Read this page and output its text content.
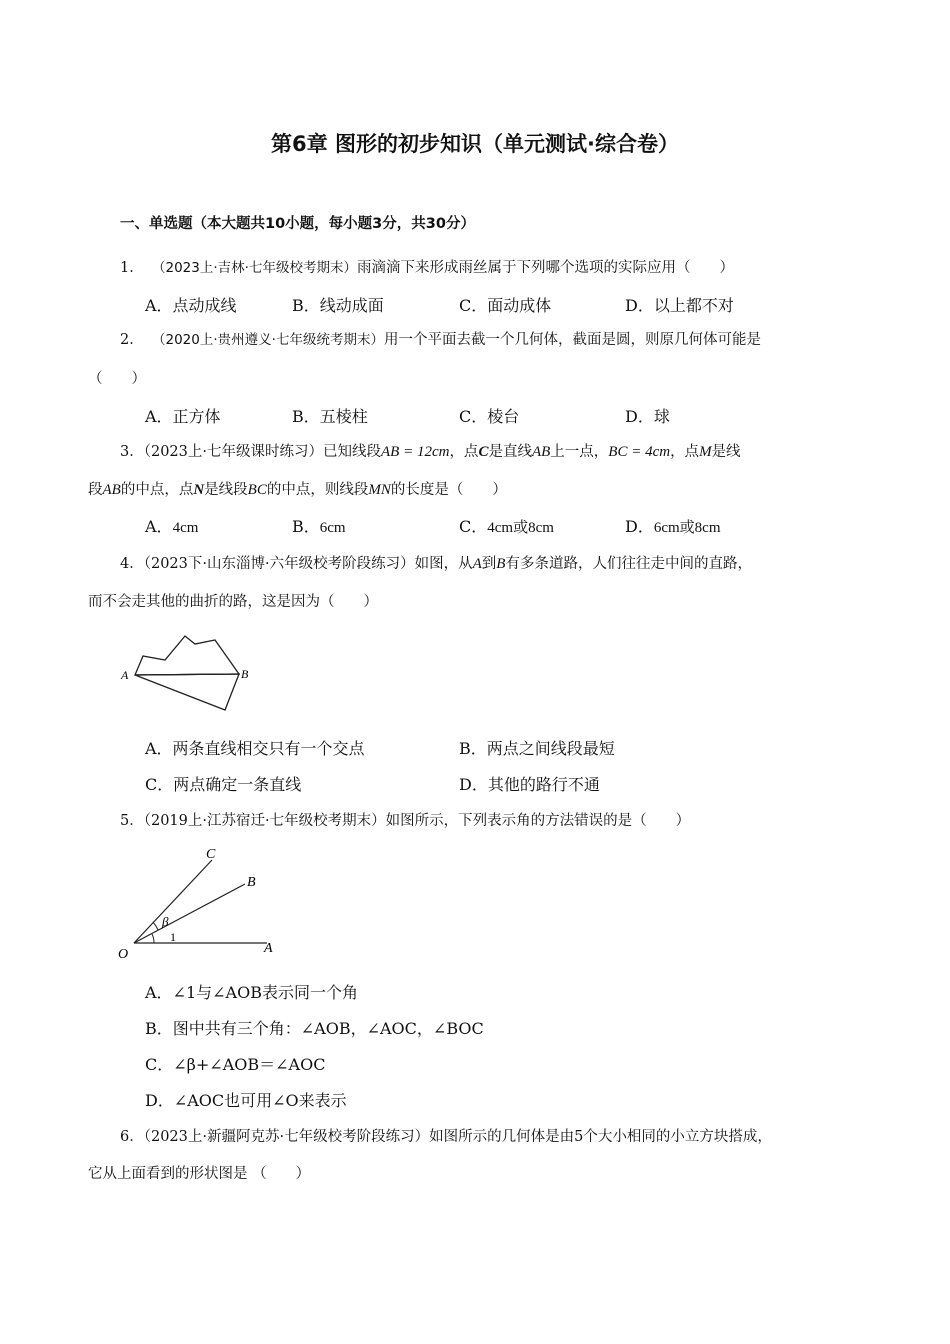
第6章 图形的初步知识（单元测试·综合卷）
一、单选题（本大题共10小题，每小题3分，共30分）
1． （2023上·吉林·七年级校考期末）雨滴滴下来形成雨丝属于下列哪个选项的实际应用（　　）
A．点动成线	B．线动成面	C．面动成体	D．以上都不对
2． （2020上·贵州遵义·七年级统考期末）用一个平面去截一个几何体，截面是圆，则原几何体可能是
（　　）
A．正方体	B．五棱柱	C．棱台	D．球
3．（2023上·七年级课时练习）已知线段AB = 12cm，点C是直线AB上一点，BC = 4cm，点M是线
段AB的中点，点N是线段BC的中点，则线段MN的长度是（　　）
A．4cm	B．6cm	C．4cm或8cm	D．6cm或8cm
4．（2023下·山东淄博·六年级校考阶段练习）如图，从A到B有多条道路，人们往往走中间的直路，
而不会走其他的曲折的路，这是因为（　　）
A	B
A．两条直线相交只有一个交点	B．两点之间线段最短
C．两点确定一条直线	D．其他的路行不通
5．（2019上·江苏宿迁·七年级校考期末）如图所示，下列表示角的方法错误的是（　　）
C
B
β
1
O	A
A．∠1与∠AOB表示同一个角
B．图中共有三个角：∠AOB，∠AOC，∠BOC
C．∠β+∠AOB＝∠AOC
D．∠AOC也可用∠O来表示
6．（2023上·新疆阿克苏·七年级校考阶段练习）如图所示的几何体是由5个大小相同的小立方块搭成，
它从上面看到的形状图是 （　　）
